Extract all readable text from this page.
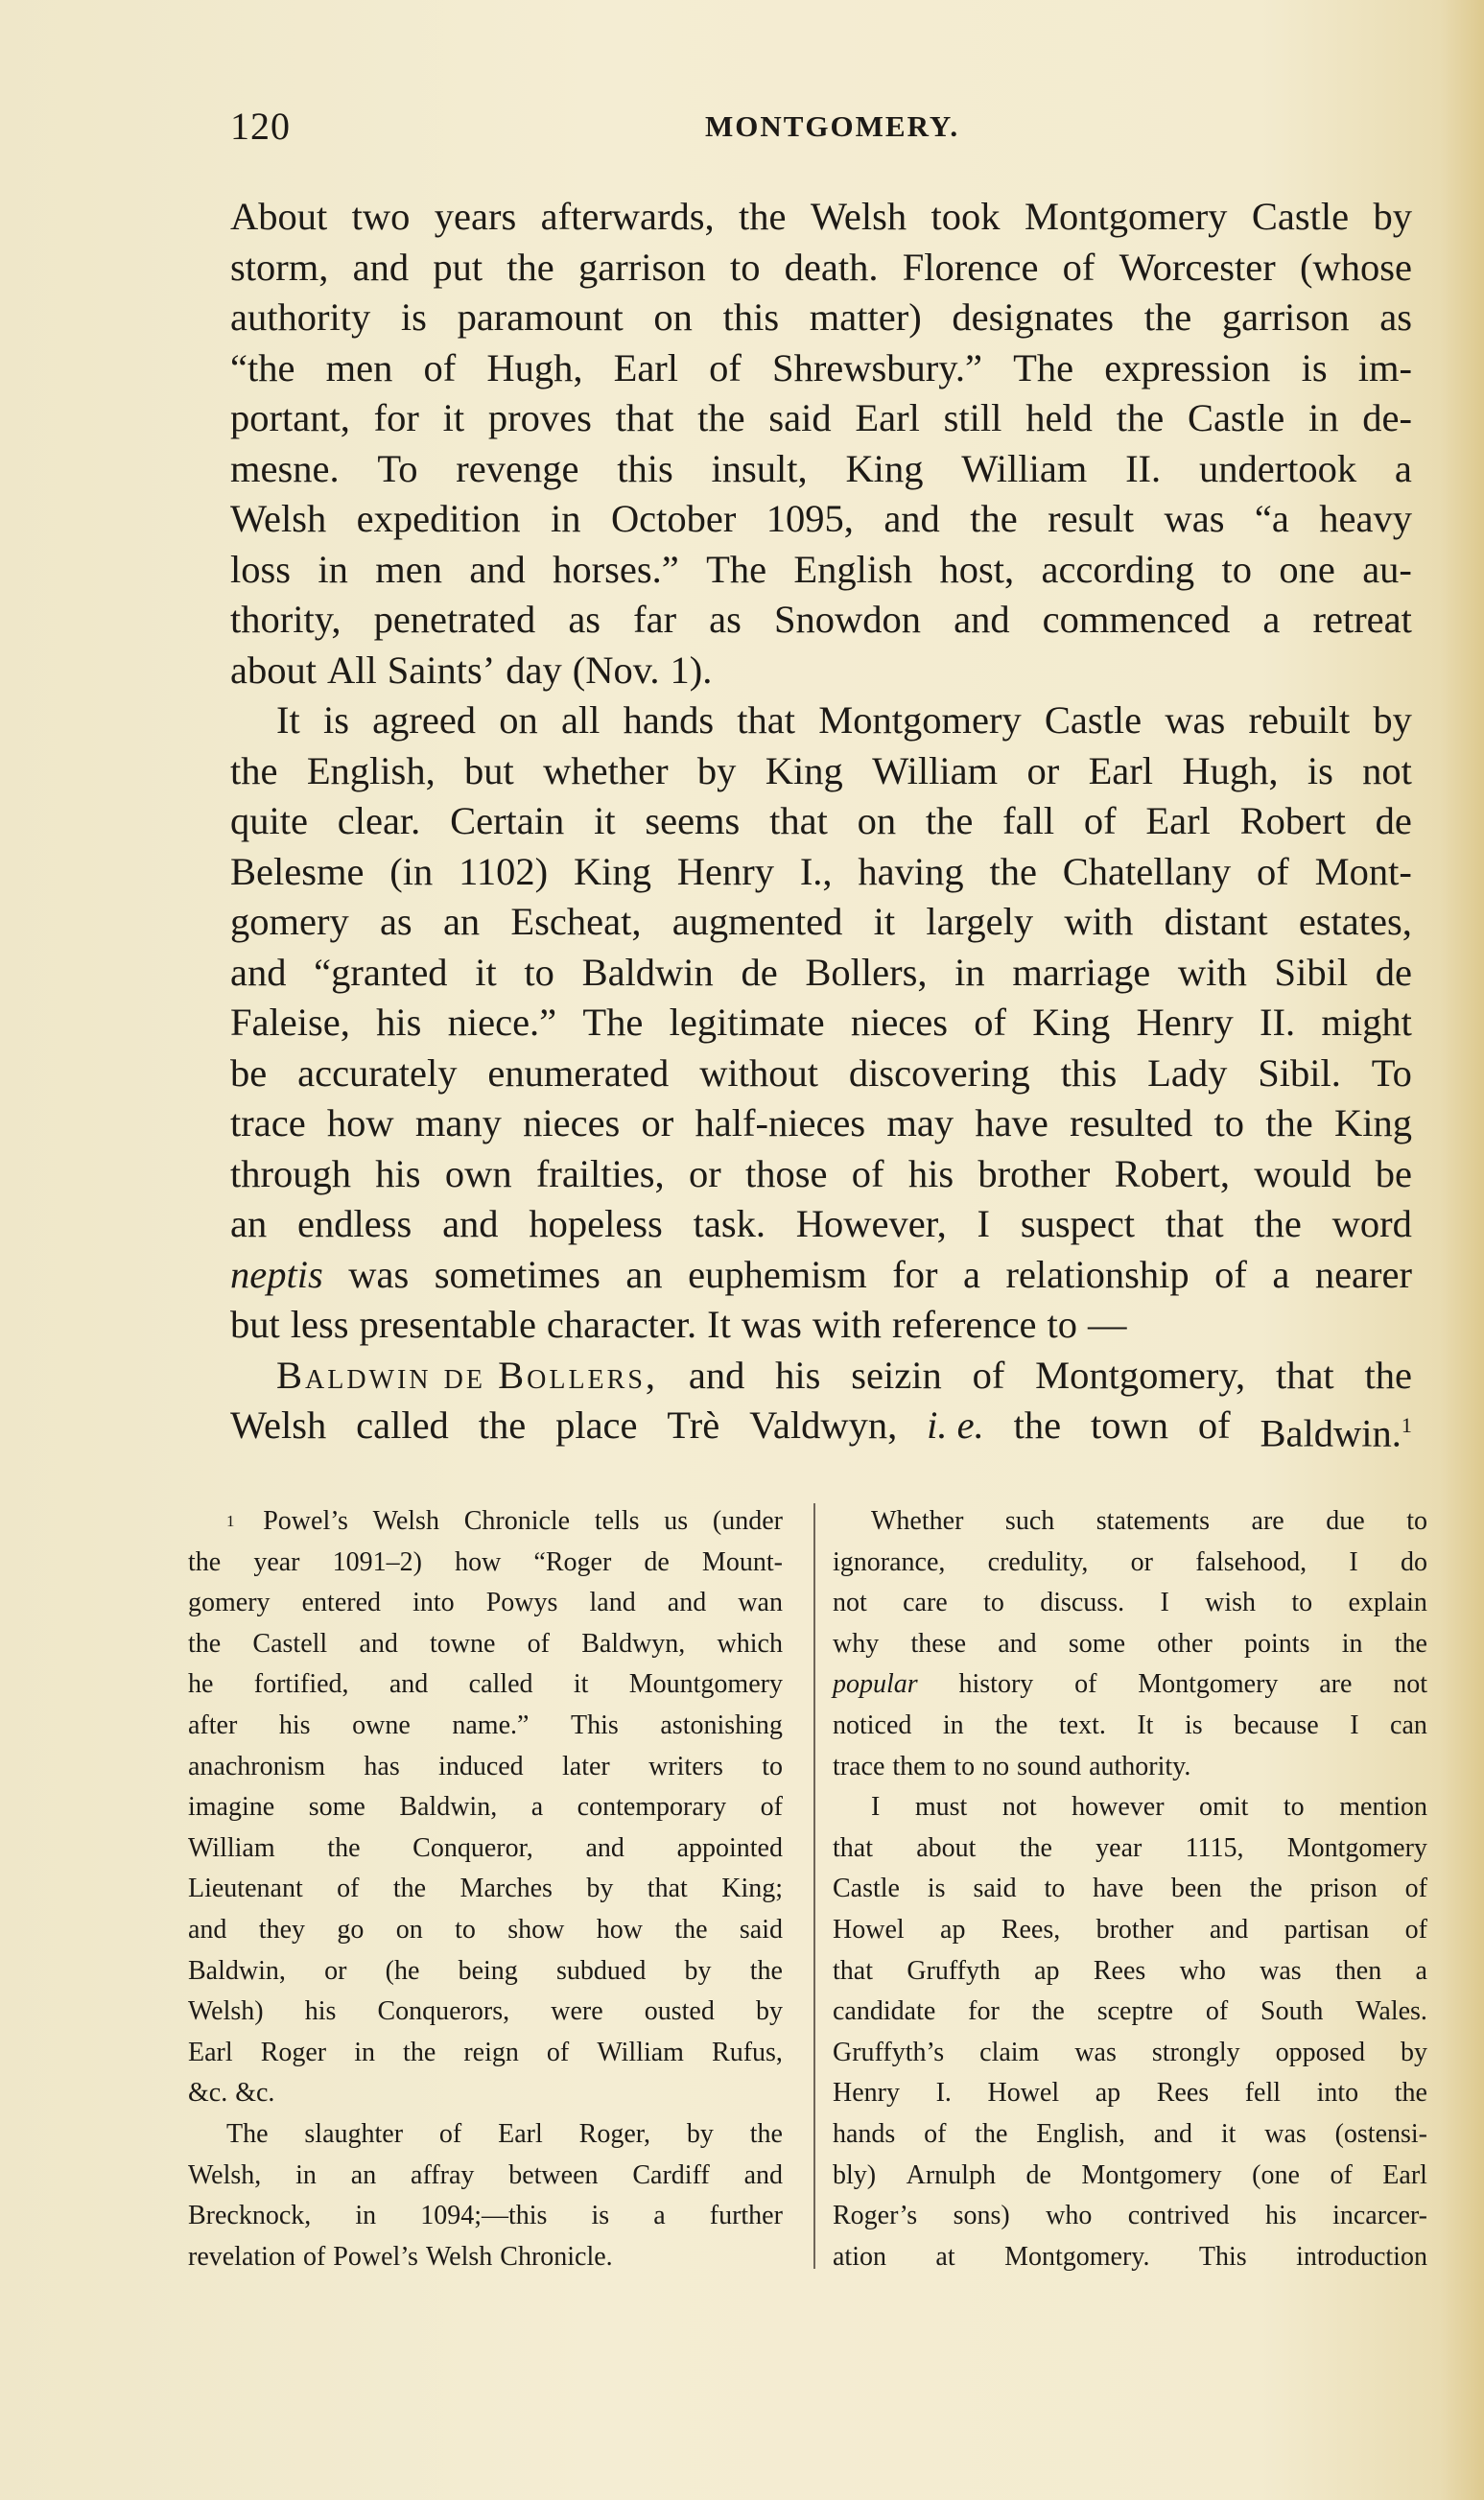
120	MONTGOMERY.
About two years afterwards, the Welsh took Montgomery Castle by
storm, and put the garrison to death. Florence of Worcester (whose
authority is paramount on this matter) designates the garrison as
“the men of Hugh, Earl of Shrewsbury.” The expression is im-
portant, for it proves that the said Earl still held the Castle in de-
mesne. To revenge this insult, King William II. undertook a
Welsh expedition in October 1095, and the result was “a heavy
loss in men and horses.” The English host, according to one au-
thority, penetrated as far as Snowdon and commenced a retreat
about All Saints’ day (Nov. 1).
It is agreed on all hands that Montgomery Castle was rebuilt by
the English, but whether by King William or Earl Hugh, is not
quite clear. Certain it seems that on the fall of Earl Robert de
Belesme (in 1102) King Henry I., having the Chatellany of Mont-
gomery as an Escheat, augmented it largely with distant estates,
and “granted it to Baldwin de Bollers, in marriage with Sibil de
Faleise, his niece.” The legitimate nieces of King Henry II. might
be accurately enumerated without discovering this Lady Sibil. To
trace how many nieces or half-nieces may have resulted to the King
through his own frailties, or those of his brother Robert, would be
an endless and hopeless task. However, I suspect that the word
neptis was sometimes an euphemism for a relationship of a nearer
but less presentable character. It was with reference to —
Baldwin de Bollers, and his seizin of Montgomery, that the
Welsh called the place Trè Valdwyn, i. e. the town of Baldwin.$^1$
1 Powel’s Welsh Chronicle tells us (under
the year 1091–2) how “Roger de Mount-
gomery entered into Powys land and wan
the Castell and towne of Baldwyn, which
he fortified, and called it Mountgomery
after his owne name.” This astonishing
anachronism has induced later writers to
imagine some Baldwin, a contemporary of
William the Conqueror, and appointed
Lieutenant of the Marches by that King;
and they go on to show how the said
Baldwin, or (he being subdued by the
Welsh) his Conquerors, were ousted by
Earl Roger in the reign of William Rufus,
&c. &c.
The slaughter of Earl Roger, by the
Welsh, in an affray between Cardiff and
Brecknock, in 1094;—this is a further
revelation of Powel’s Welsh Chronicle.
Whether such statements are due to
ignorance, credulity, or falsehood, I do
not care to discuss. I wish to explain
why these and some other points in the
popular history of Montgomery are not
noticed in the text. It is because I can
trace them to no sound authority.
I must not however omit to mention
that about the year 1115, Montgomery
Castle is said to have been the prison of
Howel ap Rees, brother and partisan of
that Gruffyth ap Rees who was then a
candidate for the sceptre of South Wales.
Gruffyth’s claim was strongly opposed by
Henry I. Howel ap Rees fell into the
hands of the English, and it was (ostensi-
bly) Arnulph de Montgomery (one of Earl
Roger’s sons) who contrived his incarcer-
ation at Montgomery. This introduction
